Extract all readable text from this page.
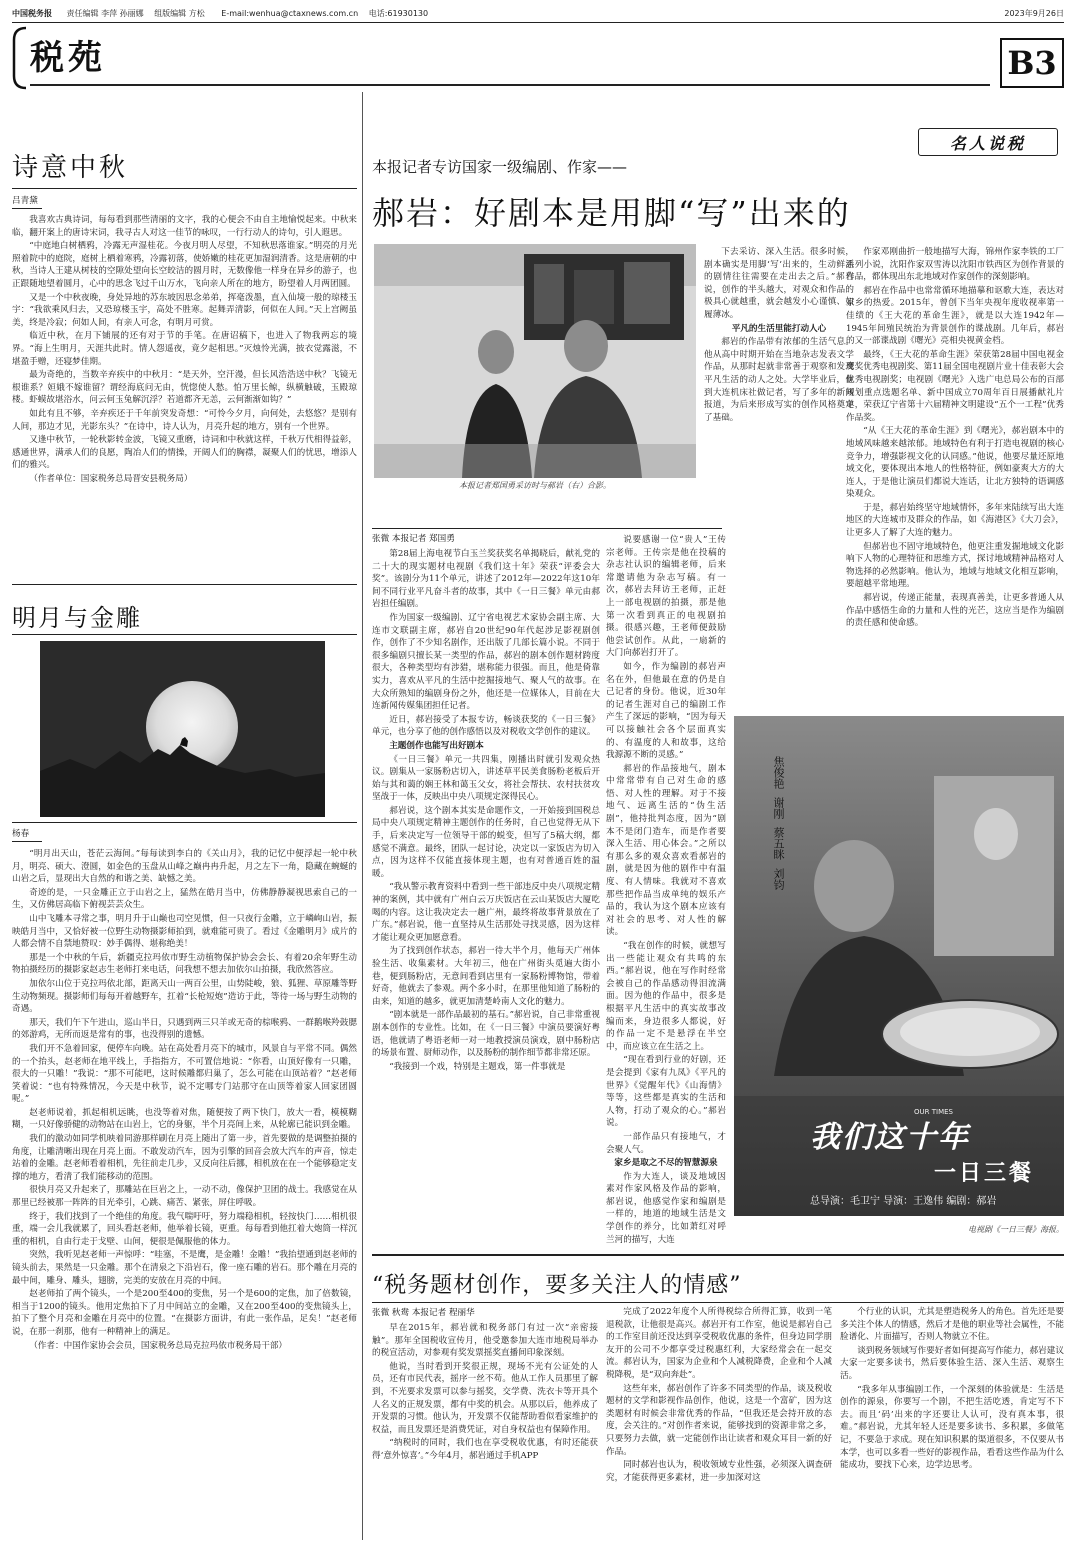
中国税务报 责任编辑 李萍 孙丽娜 组版编辑 方松 E-mail:wenhua@ctaxnews.com.cn 电话:61930130	2023年9月26日
税苑	B3
诗意中秋
吕青黛

我喜欢古典诗词，每每看到那些清丽的文字，我的心便会不由自主地愉悦起来。中秋来临，翻开案上的唐诗宋词，我寻古人对这一佳节的咏叹，一行行动人的诗句，引人遐思。

“中庭地白树栖鸦，冷露无声湿桂花。今夜月明人尽望，不知秋思落谁家。”明亮的月光照着院中的庭院，庭树上栖着寒鸦，冷露初落，使娇嫩的桂花更加湿润清香。这是唐朝的中秋，当诗人王建从树枝的空隙处望向长空皎洁的圆月时，无数像他一样身在异乡的游子，也正跟随地望着圆月，心中的思念飞过千山万水，飞向亲人所在的地方，盼望着人月两团圆。

又是一个中秋夜晚，身处异地的苏东坡因思念弟弟，挥毫泼墨，直入仙境一般的琼楼玉宇：“我欲乘风归去，又恐琼楼玉宇，高处不胜寒。起舞弄清影，何似在人间。”天上宫阙虽美，终是冷寂；何如人间，有亲人可念，有明月可赏。

临近中秋，在月下铺展的还有对于节的手笔。在唐诏稿下，也进入了物我两忘的境界。“海上生明月，天涯共此时。情人怨遥夜，竟夕起相思。”灭烛怜光满，披衣觉露滋，不堪盈手赠，还寝梦佳期。

最为奇绝的，当数辛弃疾中的中秋月：“是天外，空汗漫，但长风浩浩送中秋？飞镜无根谁系？姮娥不嫁谁留？谓经海底问无由，恍惚使人愁。怕万里长鲸，纵横触破，玉殿琼楼。虾蟆故堪浴水，问云何玉兔解沉浮？若道都齐无恙，云何渐渐如钩？”

如此有且不够，辛弃疾还于千年前突发奇想：“可怜今夕月，向何处，去悠悠？是别有人间，那边才见，光影东头？”在诗中，诗人认为，月亮升起的地方，别有一个世界。

又逢中秋节，一轮秋影转金波，飞镜又重磨，诗词和中秋就这样，千秋万代相得益彰，感通世界，满承人们的良愿，陶冶人们的情操，开阔人们的胸襟，凝聚人们的忧思，增添人们的雅兴。

（作者单位：国家税务总局晋安县税务局）

明月与金雕
杨春

“明月出天山，苍茫云海间。”每每读到李白的《关山月》，我的记忆中便浮起一轮中秋月，明亮、硕大、澄圆，如金色的玉盘从山峰之巅冉冉升起，月之左下一角，隐藏在蜿蜒的山岩之后，显现出大自然的和谐之美、缺憾之美。

奇迹的是，一只金雕正立于山岩之上，猛然在皓月当中，仿佛静静凝视思索自己的一生，又仿佛居高临下俯视芸芸众生。

山中飞雕本寻常之事，明月升于山巅也司空见惯，但一只夜行金雕，立于嶙峋山岩，振映皓月当中，又恰好被一位野生动物摄影师拍到，就难能可贵了。看过《金雕明月》成片的人都会情不自禁地赞叹：妙手偶得、堪称绝美！

那是一个中秋的午后，新疆克拉玛依市野生动植物保护协会会长、有着20余年野生动物拍摄经历的摄影家赵志生老师打来电话，问我想不想去加依尔山拍摄，我欣然答应。

加依尔山位于克拉玛依北部，距离天山一两百公里，山势陡峻，狼、狐狸、草原雕等野生动物频现。摄影师们每每开着越野车，扛着“长枪短炮”造访于此，等待一场与野生动物的奇遇。

那天，我们午下午进山，巡山半日，只遇到两三只羊或无奇的棕喉鸦、一群鹅喉羚鼓腮的郊游鸡，无所而返是常有的事，也没得别的遗憾。

我们开不急着回家，便停车向晚。站在高处看月亮下的城市，风景自与平常不同。偶然的一个抬头，赵老师在地平线上，手指指方，不可置信地说：“你看，山顶好像有一只雕，很大的一只雕！”我说：“那不可能吧，这时候雕都归巢了，怎么可能在山顶站着？”赵老师笑着说：“也有特殊情况，今天是中秋节，说不定哪专门站那守在山顶等着家人回家团圆呢。”

赵老师说着，抓起相机远眺，也没等着对焦，随便按了两下快门，放大一看，模模糊糊，一只好像骄健的动物站在山岩上，它的身躯，半个月亮间上来，从轮廓已能识到金雕。

我们的激动如同学机映着同游那样刷在月亮上随出了第一步，首先要做的是调整拍摄的角度，让雕清晰出现在月亮上面。不敢发动汽车，因为引擎的回音会放大汽车的声音，惊走站着的金雕。赵老师看着相机，先往前走几步，又反向往后挪，相机放在在一个能够稳定支撑的地方，看清了我们能移动的范围。

很快月亮又升起来了，那雕站在巨岩之上，一动不动，像保护卫团的战士。我感觉在从那里已经被那一阵阵的目光牵引，心跳、痛苦、紧张，屏住呼吸。

终于，我们找到了一个绝佳的角度。我气喘吁吁，努力端稳相机，轻按快门……相机很重，端一会儿我就累了，回头看赵老师，他举着长镜，更重。每每看到他扛着大炮筒一样沉重的相机，自由行走于戈壁、山间，便很是佩服他的体力。

突然，我听见赵老师一声惊呼：“哇塞，不是鹰，是金雕！金雕！”我抬望通到赵老师的镜头前去，果然是一只金雕。那个在清泉之下沿岩石，像一座石雕的岩石。那个雕在月亮的最中间，雕身、雕头，翅膀，完美的安放在月亮的中间。

赵老师拍了两个镜头，一个是200至400的变焦，另一个是600的定焦，加了倍数镜，相当于1200的镜头。他用定焦拍下了月中间站立的金雕，又在200至400的变焦镜头上，拍下了整个月亮和金雕在月亮中的位置。“在摄影方面讲，有此一张作品，足矣！”赵老师说，在那一刹那，他有一种精神上的满足。

（作者：中国作家协会会员，国家税务总局克拉玛依市税务局干部）

名人说税
本报记者专访国家一级编剧、作家——
郝岩：好剧本是用脚“写”出来的
本报记者郑国勇采访时与郝岩（右）合影。

下去采访、深入生活。很多时候，剧本确实是用脚‘写’出来的，生动鲜活的剧情往往需要在走出去之后。”郝岩说，创作的半头越大，对观众和作品的极具心就越重，就会越发小心谨慎、如履薄冰。

平凡的生活里能打动人心

郝岩的作品带有浓郁的生活气息。他从高中时期开始在当地杂志发表文学作品，从那时起就非常善于观察和发现平凡生活的动人之处。大学毕业后，他到大连机床社做记者，写了多年的新闻报道，为后来形成写实的创作风格奠定了基础。

张微 本报记者 郑国勇

第28届上海电视节白玉兰奖获奖名单揭晓后，献礼党的二十大的现实题材电视剧《我们这十年》荣获“评委会大奖”。该剧分为11个单元，讲述了2012年—2022年这10年间不同行业平凡奋斗者的故事，其中《一日三餐》单元由郝岩担任编剧。

作为国家一级编剧、辽宁省电视艺术家协会副主席、大连市文联副主席，郝岩自20世纪90年代起涉足影视剧创作，创作了不少知名剧作，还出版了几部长篇小说。不同于很多编剧只擅长某一类型的作品，郝岩的剧本创作题材跨度很大，各种类型均有涉猎，堪称能力很强。而且，他是倚靠实力，喜欢从平凡的生活中挖掘接地气、聚人气的故事。在大众所熟知的编剧身份之外，他还是一位媒体人，目前在大连新闻传媒集团担任记者。

近日，郝岩接受了本报专访，畅谈获奖的《一日三餐》单元，也分享了他的创作感悟以及对税收文学创作的建议。

主题创作也能写出好剧本

《一日三餐》单元一共四集，刚播出时就引发观众热议。剧集从一家肠粉店切入，讲述草平民美食肠粉老板后开始与其和蔼的娴王林和蔼玉父女，将社会帮扶、农村扶贫攻坚战于一体，反映出中央八项规定深得民心。

郝岩说，这个剧本其实是命题作文，一开始接到国税总局中央八项规定精神主题创作的任务时，自己也觉得无从下手，后来决定写一位领导干部的蜕变，但写了5稿大纲，都感觉不满意。最终，团队一起讨论，决定以一家饭店为切入点，因为这样不仅能直接体现主题，也有对普通百姓的温暖。

“我从警示教育资料中看到一些干部违反中央八项规定精神的案例，其中就有广州白云万庆饭店在云山某饭店大厦吃喝的内容。这让我决定去一趟广州，最终将故事背景放在了广东。”郝岩说，他一直坚持从生活那处寻找灵感，因为这样才能让观众更加愿意看。

为了找到创作状态，郝岩一待大半个月，他每天广州体验生活、收集素材。大年初三，他在广州街头觅遍大街小巷，便到肠粉店，无意间看到店里有一家肠粉博物馆，带着好奇，他就去了参观。两个多小时，在那里他知道了肠粉的由来，知道的越多，就更加清楚岭南人文化的魅力。

“剧本就是一部作品最初的基石。”郝岩说，自己非常重视剧本创作的专业性。比如，在《一日三餐》中演员要演好粤语，他就请了粤语老师一对一地教授演员演戏，剧中肠粉店的场景布置、厨师动作，以及肠粉的制作细节都非常还原。

“我接到一个戏，特别是主题戏，第一件事就是

说要感谢一位“贵人”王传宗老师。王传宗是他在投稿的杂志社认识的编辑老师，后来常邀请他为杂志写稿。有一次，郝岩去拜访王老师，正赶上一部电视剧的拍摄，那是他第一次看到真正的电视剧拍摄。很感兴趣，王老师便鼓励他尝试创作。从此，一扇新的大门向郝岩打开了。

如今，作为编剧的郝岩声名在外，但他最在意的仍是自己记者的身份。他说，近30年的记者生涯对自己的编剧工作产生了深远的影响，“因为每天可以接触社会各个层面真实的、有温度的人和故事，这给我源源不断的灵感。”

郝岩的作品接地气，剧本中常常带有自己对生命的感悟、对人性的理解。对于不接地气、远离生活的“伪生活剧”，他持批判态度，因为“剧本不是闭门造车，而是作者要深入生活、用心体会。”之所以有那么多的观众喜欢看郝岩的剧，就是因为他的剧作中有温度、有人情味。我就对不喜欢那些把作品当成单纯的娱乐产品的，我认为这个剧本应该有对社会的思考、对人性的解读。

“我在创作的时候，就想写出一些能让观众有共鸣的东西。”郝岩说，他在写作时经常会被自己的作品感动得泪流满面。因为他的作品中，很多是根据平凡生活中的真实故事改编而来，身边很多人都说，好的作品一定不是悬浮在半空中，而应该立在生活之上。

“现在看到行业的好剧，还是会提到《家有九凤》《平凡的世界》《觉醒年代》《山海情》等等，这些都是真实的生活和人物，打动了观众的心。”郝岩说。

一部作品只有接地气，才会聚人气。

家乡是取之不尽的智慧源泉

作为大连人，谈及地域因素对作家风格及作品的影响，郝岩说，他感觉作家和编剧是一样的，地道的地域生活是文学创作的养分，比如萧红对呼兰河的描写，大连

作家邓刚曲折一般地描写大海，锦州作家李铁的工厂系列小说，沈阳作家双雪涛以沈阳市铁西区为创作背景的作品，都体现出东北地域对作家创作的深刻影响。

郝岩在作品中也常常循环地描摹和讴歌大连，表达对家乡的热爱。2015年，曾创下当年央视年度收视率第一佳绩的《王大花的革命生涯》，就是以大连1942年—1945年间殖民统治为背景创作的谍战剧。几年后，郝岩的又一部谍战剧《曙光》亮相央视黄金档。

最终，《王大花的革命生涯》荣获第28届中国电视金鹰奖优秀电视剧奖、第11届全国电视剧片业十佳表彰大会优秀电视剧奖；电视剧《曙光》入选广电总局公布的百部规划重点选题名单、新中国成立70周年百日展播献礼片单，荣获辽宁省第十六届精神文明建设“五个一工程”优秀作品奖。

“从《王大花的革命生涯》到《曙光》，郝岩剧本中的地域风味越来越浓郁。地域特色有利于打造电视剧的核心竞争力，增强影视文化的认同感。”他说，他要尽量还原地域文化，要体现出本地人的性格特征，例如豪爽大方的大连人，于是他让演员们都说大连话，让北方独特的语调感染观众。

于是，郝岩始终坚守地域情怀，多年来陆续写出大连地区的大连城市及群众的作品，如《海港区》《大刀会》，让更多人了解了大连的魅力。

但郝岩也不固守地域特色，他更注重发掘地域文化影响下人物的心理特征和思维方式，探讨地域精神品格对人物选择的必然影响。他认为，地域与地域文化相互影响，要超越平常地理。

郝岩说，传递正能量，表现真善美，让更多普通人从作品中感悟生命的力量和人性的光芒，这应当是作为编剧的责任感和使命感。

焦俊艳
谢刚
蔡五眯
刘钧
OUR TIMES
我们这十年
一日三餐
总导演：毛卫宁 导演：王逸伟 编剧：郝岩
电视剧《一日三餐》海报。
“税务题材创作，要多关注人的情感”
张微 秋鸯 本报记者 程丽华

早在2015年，郝岩就和税务部门有过一次“亲密接触”。那年全国税收宣传月，他受邀参加大连市地税局举办的税宣活动，对参观有奖发票摇奖直播间印象深刻。

他说，当时看到开奖很正规，现场不光有公证处的人员，还有市民代表，摇序一丝不苟。他从工作人员那里了解到，不光要求发票可以参与摇奖，交学费、洗衣卡等开具个人名义的正规发票，都有中奖的机会。从那以后，他养成了开发票的习惯。他认为，开发票不仅能帮助看似看家维护的权益，而且发票还是消费凭证，对自身权益也有保障作用。

“纳税时的同时，我们也在享受税收优惠，有时还能获得‘意外惊喜’。”今年4月，郝岩通过手机APP

完成了2022年度个人所得税综合所得汇算，收到一笔退税款，让他很是高兴。郝岩开有工作室，他说是郝岩自己的工作室目前还没达到享受税收优惠的条件，但身边同学朋友开的公司不少都享受过税惠红利，大家经常会在一起交流。郝岩认为，国家为企业和个人减税降费，企业和个人减税降税，是“双向奔赴”。

这些年来，郝岩创作了许多不同类型的作品，谈及税收题材的文学和影视作品创作，他说，这是一个富矿，因为这类题材有时候会非常优秀的作品，“但我还是会持开放的态度，会关注的。”对创作者来说，能够找到的资源非常之多，只要努力去做，就一定能创作出让读者和观众耳目一新的好作品。

同时郝岩也认为，税收领域专业性强，必须深入调查研究，才能获得更多素材，进一步加深对这

个行业的认识，尤其是塑造税务人的角色。首先还是要多关注个体人的情感，然后才是他的职业等社会属性，不能脸谱化、片面描写，否则人物就立不住。

谈到税务领域写作要好者如何提高写作能力，郝岩建议大家一定要多读书，然后要体验生活、深入生活、观察生活。

“我多年从事编剧工作，一个深刻的体验就是：生活是创作的源泉，你要写一个剧，不把生活吃透，肯定写不下去。而且‘码’出来的字还要让人认可，没有真本事，很难。”郝岩说，尤其年轻人还是要多读书、多积累，多做笔记，不要急于求成。现在知识积累的渠道很多，不仅要从书本学，也可以多看一些好的影视作品，看看这些作品为什么能成功，要找下心来，边学边思考。
